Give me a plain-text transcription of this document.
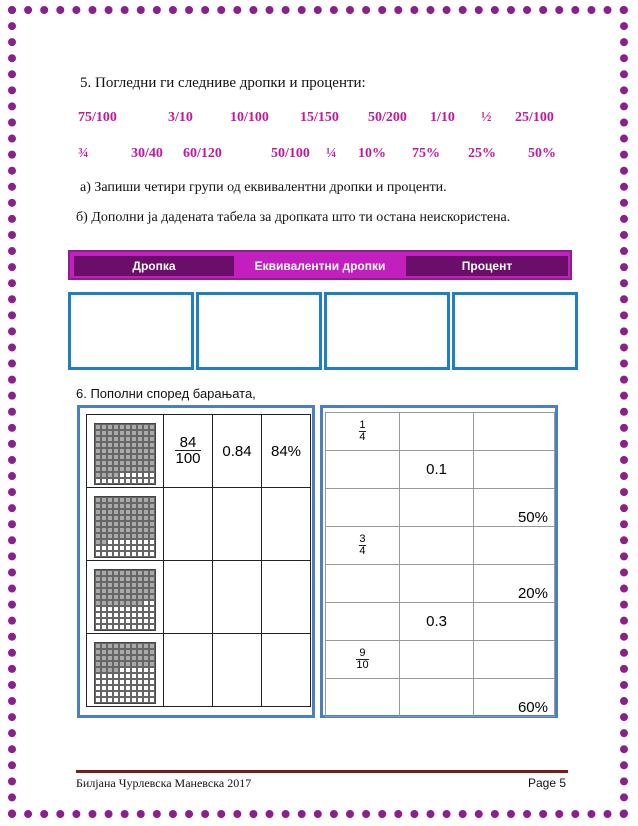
5. Погледни ги следниве дропки и проценти:
75/100	3/10	10/100 15/150 50/200 1/10 ½ 25/100
¾	30/40 60/120	50/100 ¼ 10% 75% 25% 50%
а) Запиши четири групи од еквивалентни дропки и проценти.
б) Дополни ја дадената табела за дропката што ти остана неискористена.
Дропка	Еквивалентни дропки	Процент
6. Пополни според барањата,

	$\frac{84}{100}$	0.84	84%

$\frac{1}{4}$		
	0.1	
		50%

$\frac{3}{4}$		
		20%
	0.3	

$\frac{9}{10}$		
		60%
Билјана Чурлевска Маневска 2017	Page 5
